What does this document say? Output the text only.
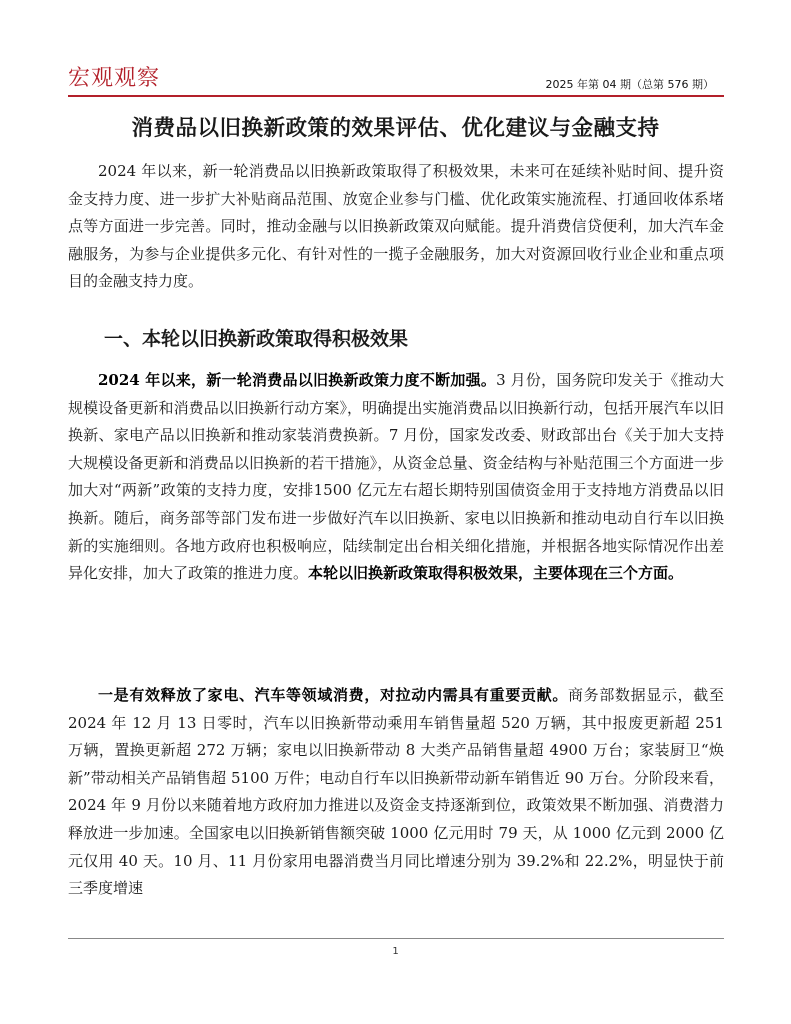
宏观观察	2025 年第 04 期（总第 576 期）
消费品以旧换新政策的效果评估、优化建议与金融支持

2024 年以来，新一轮消费品以旧换新政策取得了积极效果，未来可在延续补贴时间、提升资金支持力度、进一步扩大补贴商品范围、放宽企业参与门槛、优化政策实施流程、打通回收体系堵点等方面进一步完善。同时，推动金融与以旧换新政策双向赋能。提升消费信贷便利，加大汽车金融服务，为参与企业提供多元化、有针对性的一揽子金融服务，加大对资源回收行业企业和重点项目的金融支持力度。

一、本轮以旧换新政策取得积极效果

2024 年以来，新一轮消费品以旧换新政策力度不断加强。3 月份，国务院印发关于《推动大规模设备更新和消费品以旧换新行动方案》，明确提出实施消费品以旧换新行动，包括开展汽车以旧换新、家电产品以旧换新和推动家装消费换新。7 月份，国家发改委、财政部出台《关于加大支持大规模设备更新和消费品以旧换新的若干措施》，从资金总量、资金结构与补贴范围三个方面进一步加大对“两新”政策的支持力度，安排1500 亿元左右超长期特别国债资金用于支持地方消费品以旧换新。随后，商务部等部门发布进一步做好汽车以旧换新、家电以旧换新和推动电动自行车以旧换新的实施细则。各地方政府也积极响应，陆续制定出台相关细化措施，并根据各地实际情况作出差异化安排，加大了政策的推进力度。本轮以旧换新政策取得积极效果，主要体现在三个方面。

一是有效释放了家电、汽车等领域消费，对拉动内需具有重要贡献。商务部数据显示，截至 2024 年 12 月 13 日零时，汽车以旧换新带动乘用车销售量超 520 万辆，其中报废更新超 251 万辆，置换更新超 272 万辆；家电以旧换新带动 8 大类产品销售量超 4900 万台；家装厨卫“焕新”带动相关产品销售超 5100 万件；电动自行车以旧换新带动新车销售近 90 万台。分阶段来看，2024 年 9 月份以来随着地方政府加力推进以及资金支持逐渐到位，政策效果不断加强、消费潜力释放进一步加速。全国家电以旧换新销售额突破 1000 亿元用时 79 天，从 1000 亿元到 2000 亿元仅用 40 天。10 月、11 月份家用电器消费当月同比增速分别为 39.2%和 22.2%，明显快于前三季度增速

1
